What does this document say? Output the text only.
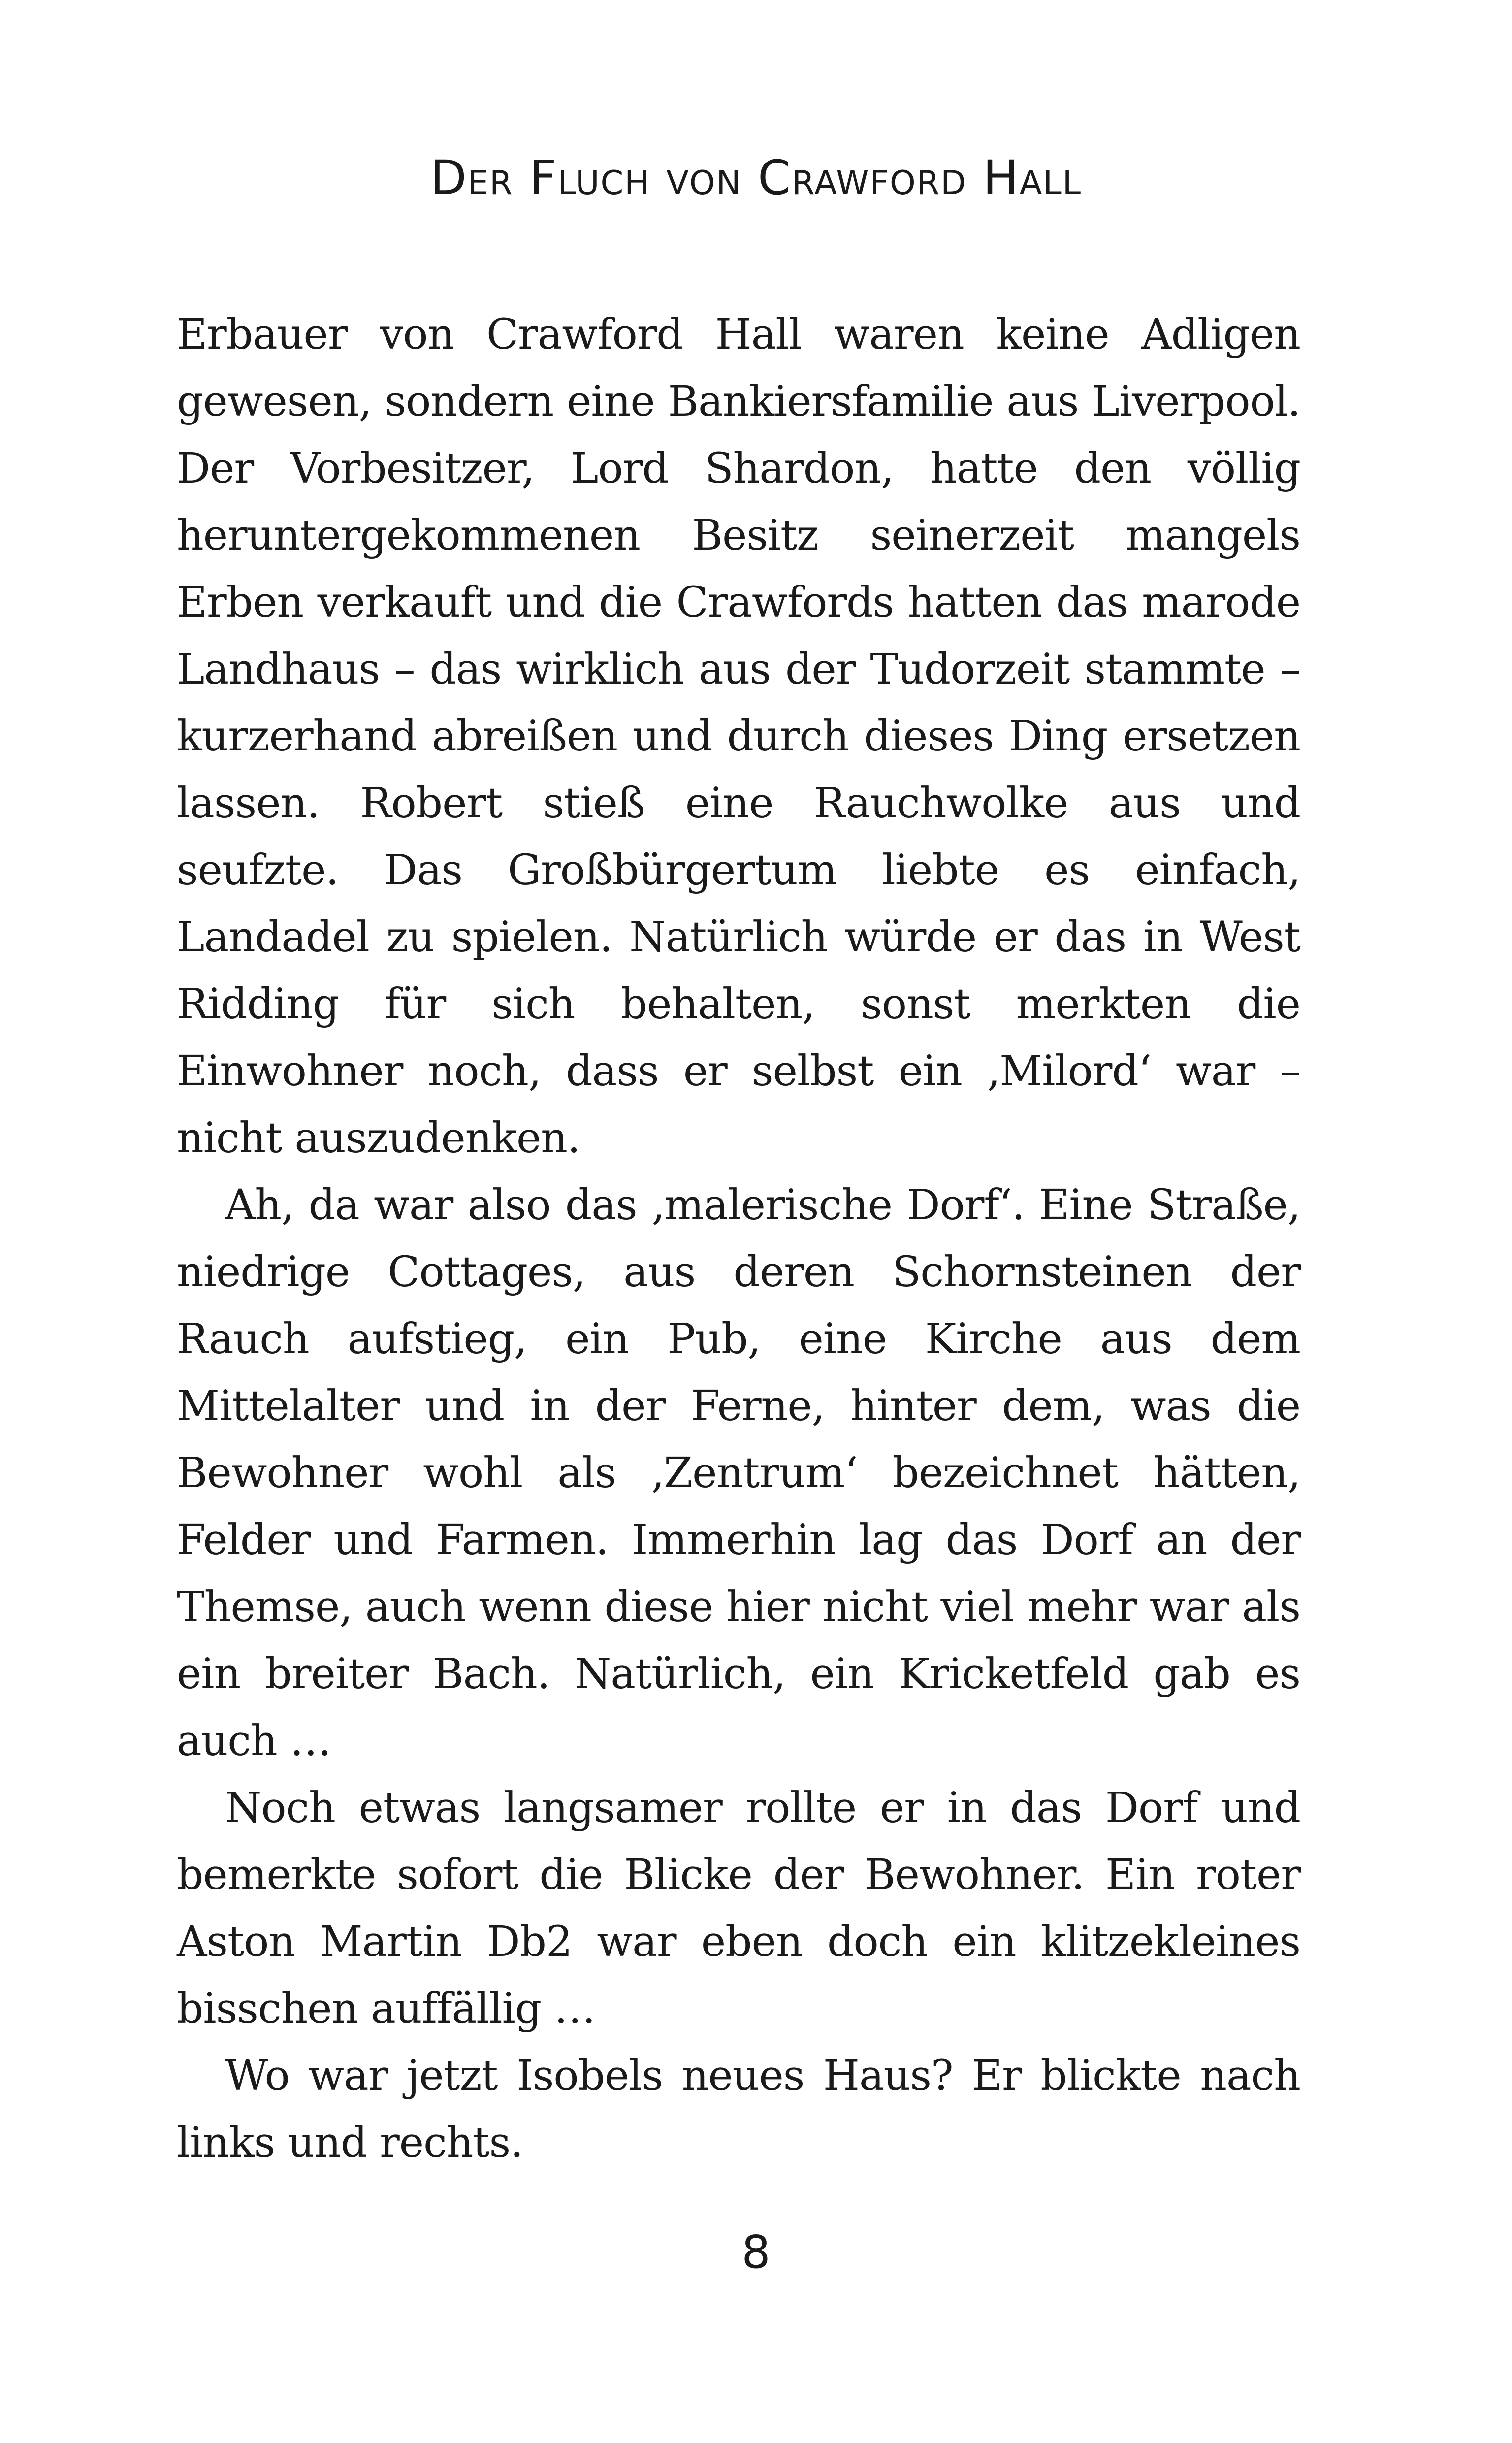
Der Fluch von Crawford Hall

Erbauer von Crawford Hall waren keine Adligen gewesen, sondern eine Bankiersfamilie aus Liverpool. Der Vorbesitzer, Lord Shardon, hatte den völlig heruntergekommenen Besitz seinerzeit mangels Erben verkauft und die Crawfords hatten das marode Landhaus – das wirklich aus der Tudorzeit stammte – kurzerhand abreißen und durch dieses Ding ersetzen lassen. Robert stieß eine Rauchwolke aus und seufzte. Das Großbürgertum liebte es einfach, Landadel zu spielen. Natürlich würde er das in West Ridding für sich behalten, sonst merkten die Einwohner noch, dass er selbst ein ‚Milord‘ war – nicht auszudenken.

Ah, da war also das ‚malerische Dorf‘. Eine Straße, niedrige Cottages, aus deren Schornsteinen der Rauch aufstieg, ein Pub, eine Kirche aus dem Mittelalter und in der Ferne, hinter dem, was die Bewohner wohl als ‚Zentrum‘ bezeichnet hätten, Felder und Farmen. Immerhin lag das Dorf an der Themse, auch wenn diese hier nicht viel mehr war als ein breiter Bach. Natürlich, ein Kricketfeld gab es auch …

Noch etwas langsamer rollte er in das Dorf und bemerkte sofort die Blicke der Bewohner. Ein roter Aston Martin Db2 war eben doch ein klitzekleines bisschen auffällig …

Wo war jetzt Isobels neues Haus? Er blickte nach links und rechts.

8
